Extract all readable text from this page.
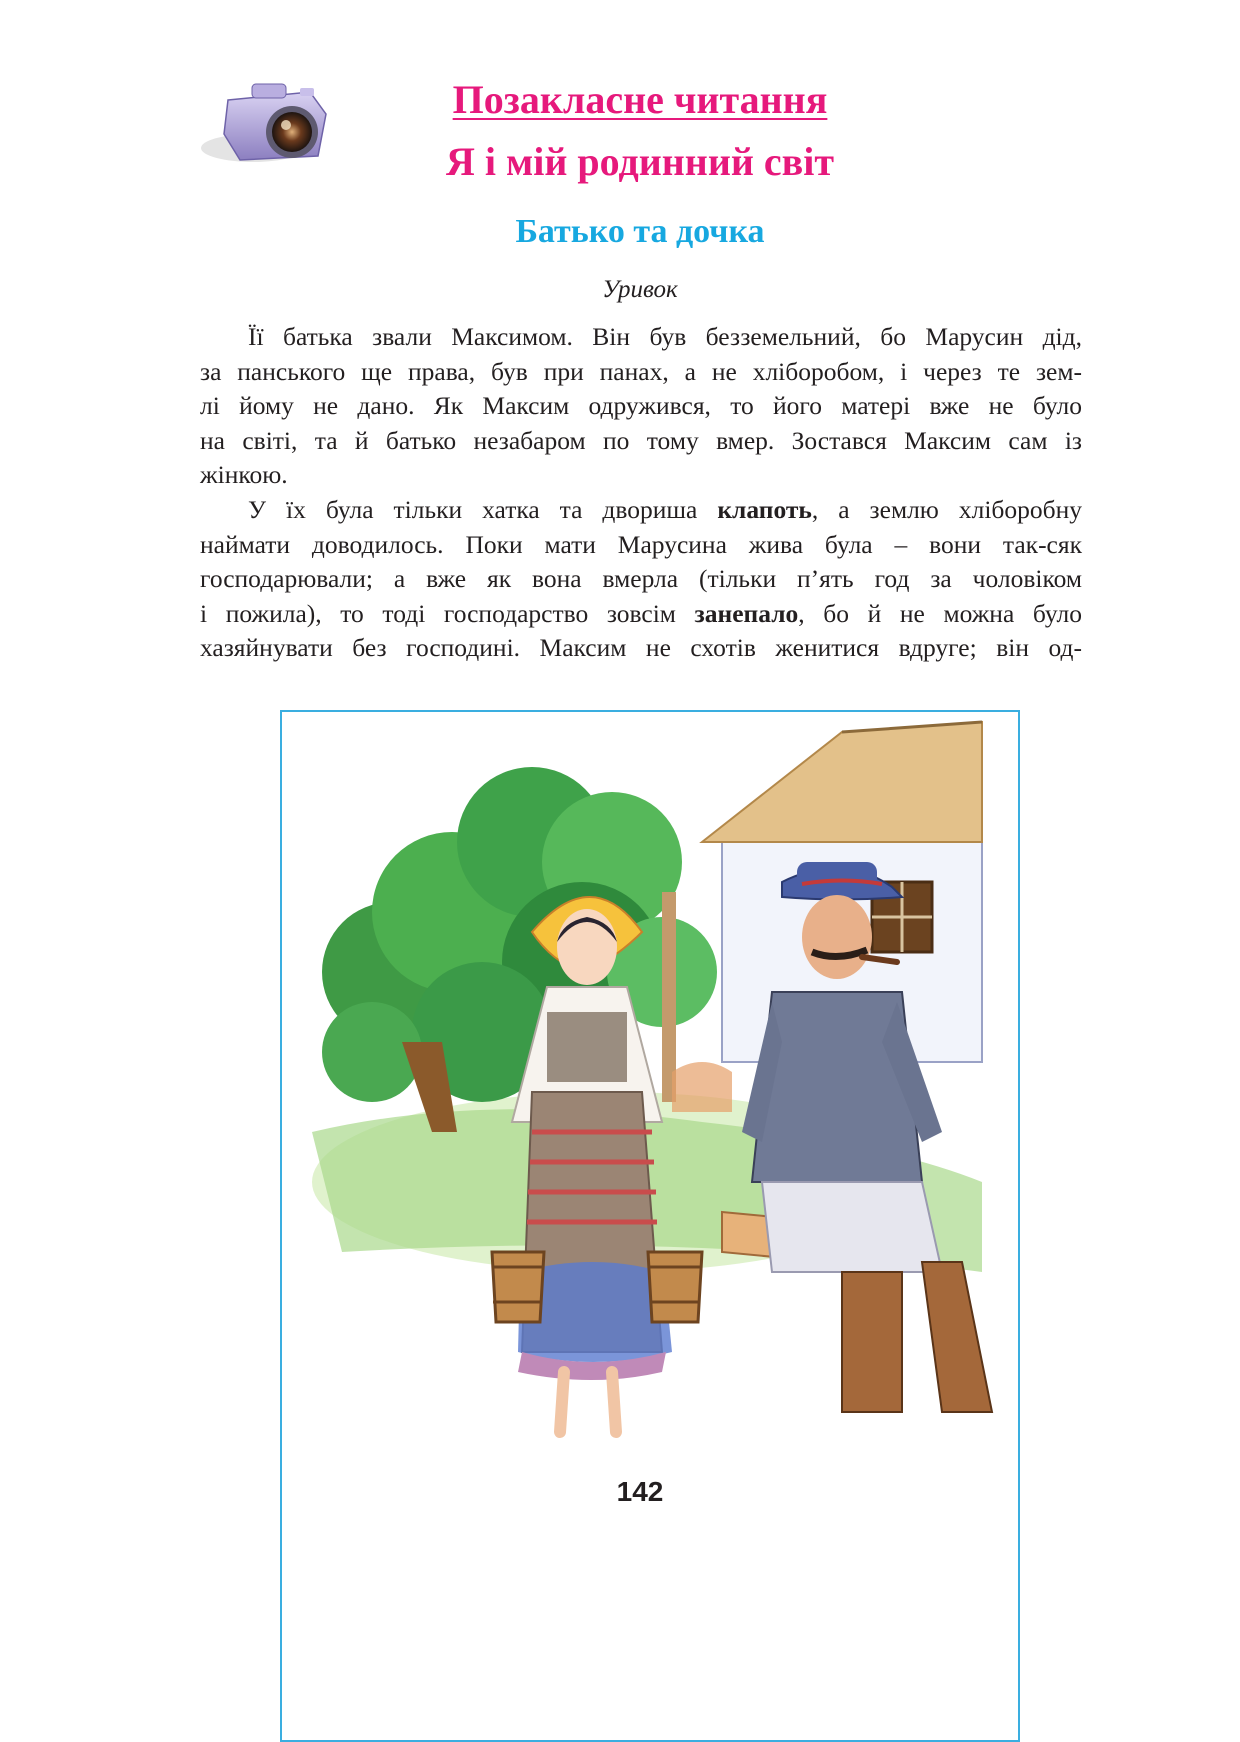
Позакласне читання
Я і мій родинний світ
Батько та дочка
Уривок
Її батька звали Максимом. Він був безземельний, бо Марусин дід,
за панського ще права, був при панах, а не хліборобом, і через те зем-
лі йому не дано. Як Максим одружився, то його матері вже не було
на світі, та й батько незабаром по тому вмер. Зостався Максим сам із
жінкою.
У їх була тільки хатка та двориша клапоть, а землю хліборобну
наймати доводилось. Поки мати Марусина жива була – вони так-сяк
господарювали; а вже як вона вмерла (тільки п’ять год за чоловіком
і пожила), то тоді господарство зовсім занепало, бо й не можна було
хазяйнувати без господині. Максим не схотів женитися вдруге; він од-
142
